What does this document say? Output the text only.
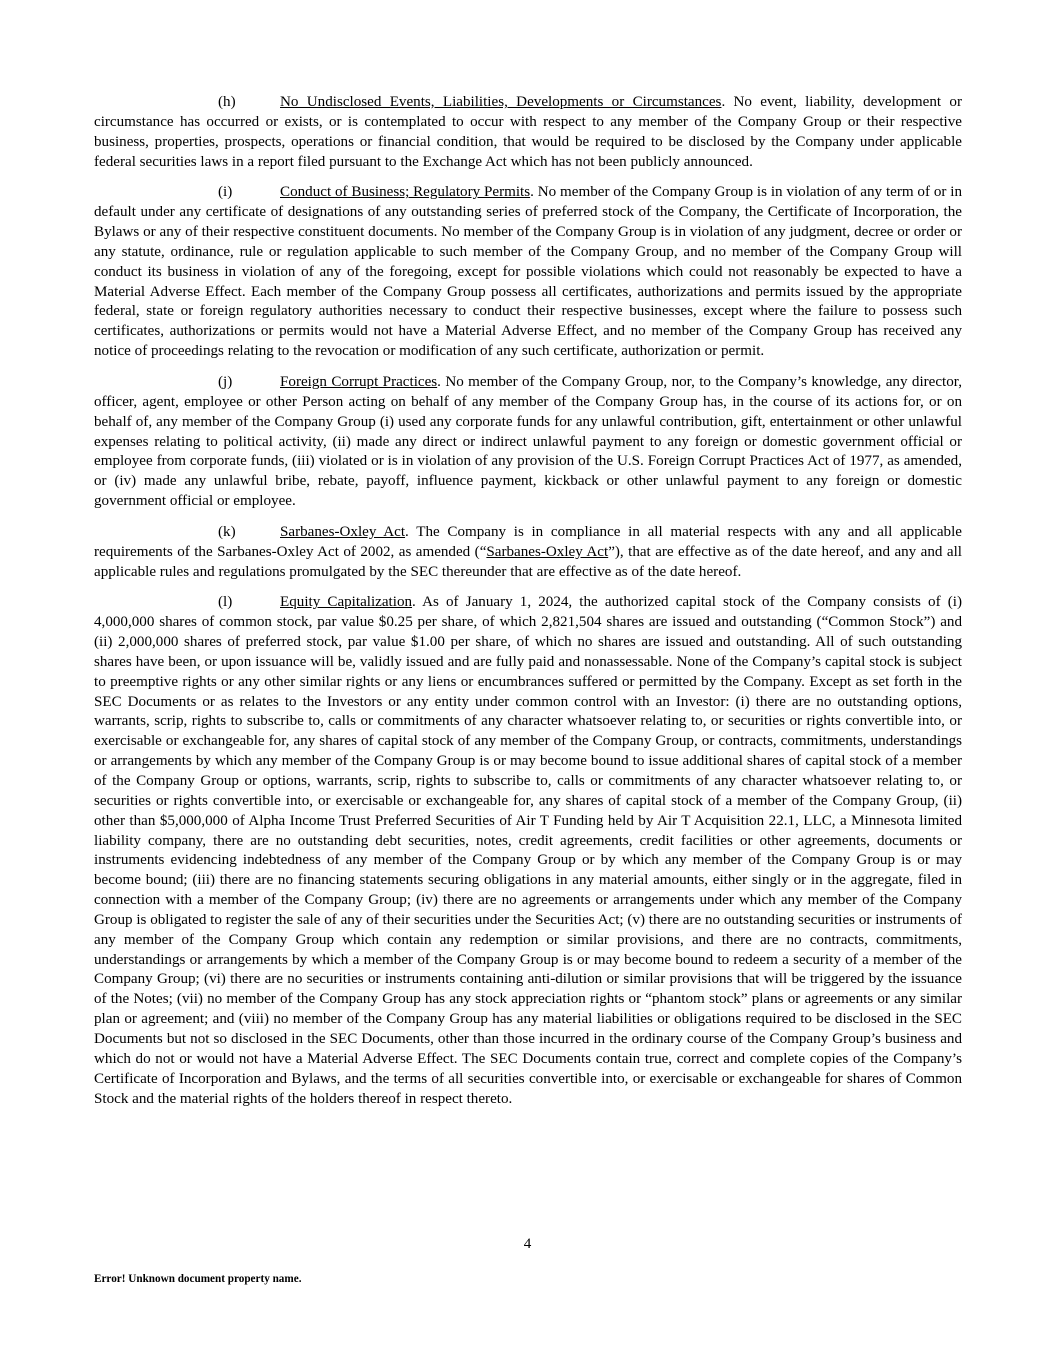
(h)	No Undisclosed Events, Liabilities, Developments or Circumstances. No event, liability, development or circumstance has occurred or exists, or is contemplated to occur with respect to any member of the Company Group or their respective business, properties, prospects, operations or financial condition, that would be required to be disclosed by the Company under applicable federal securities laws in a report filed pursuant to the Exchange Act which has not been publicly announced.

(i)	Conduct of Business; Regulatory Permits. No member of the Company Group is in violation of any term of or in default under any certificate of designations of any outstanding series of preferred stock of the Company, the Certificate of Incorporation, the Bylaws or any of their respective constituent documents. No member of the Company Group is in violation of any judgment, decree or order or any statute, ordinance, rule or regulation applicable to such member of the Company Group, and no member of the Company Group will conduct its business in violation of any of the foregoing, except for possible violations which could not reasonably be expected to have a Material Adverse Effect. Each member of the Company Group possess all certificates, authorizations and permits issued by the appropriate federal, state or foreign regulatory authorities necessary to conduct their respective businesses, except where the failure to possess such certificates, authorizations or permits would not have a Material Adverse Effect, and no member of the Company Group has received any notice of proceedings relating to the revocation or modification of any such certificate, authorization or permit.

(j)	Foreign Corrupt Practices. No member of the Company Group, nor, to the Company’s knowledge, any director, officer, agent, employee or other Person acting on behalf of any member of the Company Group has, in the course of its actions for, or on behalf of, any member of the Company Group (i) used any corporate funds for any unlawful contribution, gift, entertainment or other unlawful expenses relating to political activity, (ii) made any direct or indirect unlawful payment to any foreign or domestic government official or employee from corporate funds, (iii) violated or is in violation of any provision of the U.S. Foreign Corrupt Practices Act of 1977, as amended, or (iv) made any unlawful bribe, rebate, payoff, influence payment, kickback or other unlawful payment to any foreign or domestic government official or employee.

(k)	Sarbanes-Oxley Act. The Company is in compliance in all material respects with any and all applicable requirements of the Sarbanes-Oxley Act of 2002, as amended (“Sarbanes-Oxley Act”), that are effective as of the date hereof, and any and all applicable rules and regulations promulgated by the SEC thereunder that are effective as of the date hereof.

(l)	Equity Capitalization. As of January 1, 2024, the authorized capital stock of the Company consists of (i) 4,000,000 shares of common stock, par value $0.25 per share, of which 2,821,504 shares are issued and outstanding (“Common Stock”) and (ii) 2,000,000 shares of preferred stock, par value $1.00 per share, of which no shares are issued and outstanding. All of such outstanding shares have been, or upon issuance will be, validly issued and are fully paid and nonassessable. None of the Company’s capital stock is subject to preemptive rights or any other similar rights or any liens or encumbrances suffered or permitted by the Company. Except as set forth in the SEC Documents or as relates to the Investors or any entity under common control with an Investor: (i) there are no outstanding options, warrants, scrip, rights to subscribe to, calls or commitments of any character whatsoever relating to, or securities or rights convertible into, or exercisable or exchangeable for, any shares of capital stock of any member of the Company Group, or contracts, commitments, understandings or arrangements by which any member of the Company Group is or may become bound to issue additional shares of capital stock of a member of the Company Group or options, warrants, scrip, rights to subscribe to, calls or commitments of any character whatsoever relating to, or securities or rights convertible into, or exercisable or exchangeable for, any shares of capital stock of a member of the Company Group, (ii) other than $5,000,000 of Alpha Income Trust Preferred Securities of Air T Funding held by Air T Acquisition 22.1, LLC, a Minnesota limited liability company, there are no outstanding debt securities, notes, credit agreements, credit facilities or other agreements, documents or instruments evidencing indebtedness of any member of the Company Group or by which any member of the Company Group is or may become bound; (iii) there are no financing statements securing obligations in any material amounts, either singly or in the aggregate, filed in connection with a member of the Company Group; (iv) there are no agreements or arrangements under which any member of the Company Group is obligated to register the sale of any of their securities under the Securities Act; (v) there are no outstanding securities or instruments of any member of the Company Group which contain any redemption or similar provisions, and there are no contracts, commitments, understandings or arrangements by which a member of the Company Group is or may become bound to redeem a security of a member of the Company Group; (vi) there are no securities or instruments containing anti-dilution or similar provisions that will be triggered by the issuance of the Notes; (vii) no member of the Company Group has any stock appreciation rights or “phantom stock” plans or agreements or any similar plan or agreement; and (viii) no member of the Company Group has any material liabilities or obligations required to be disclosed in the SEC Documents but not so disclosed in the SEC Documents, other than those incurred in the ordinary course of the Company Group’s business and which do not or would not have a Material Adverse Effect. The SEC Documents contain true, correct and complete copies of the Company’s Certificate of Incorporation and Bylaws, and the terms of all securities convertible into, or exercisable or exchangeable for shares of Common Stock and the material rights of the holders thereof in respect thereto.

4
Error! Unknown document property name.
